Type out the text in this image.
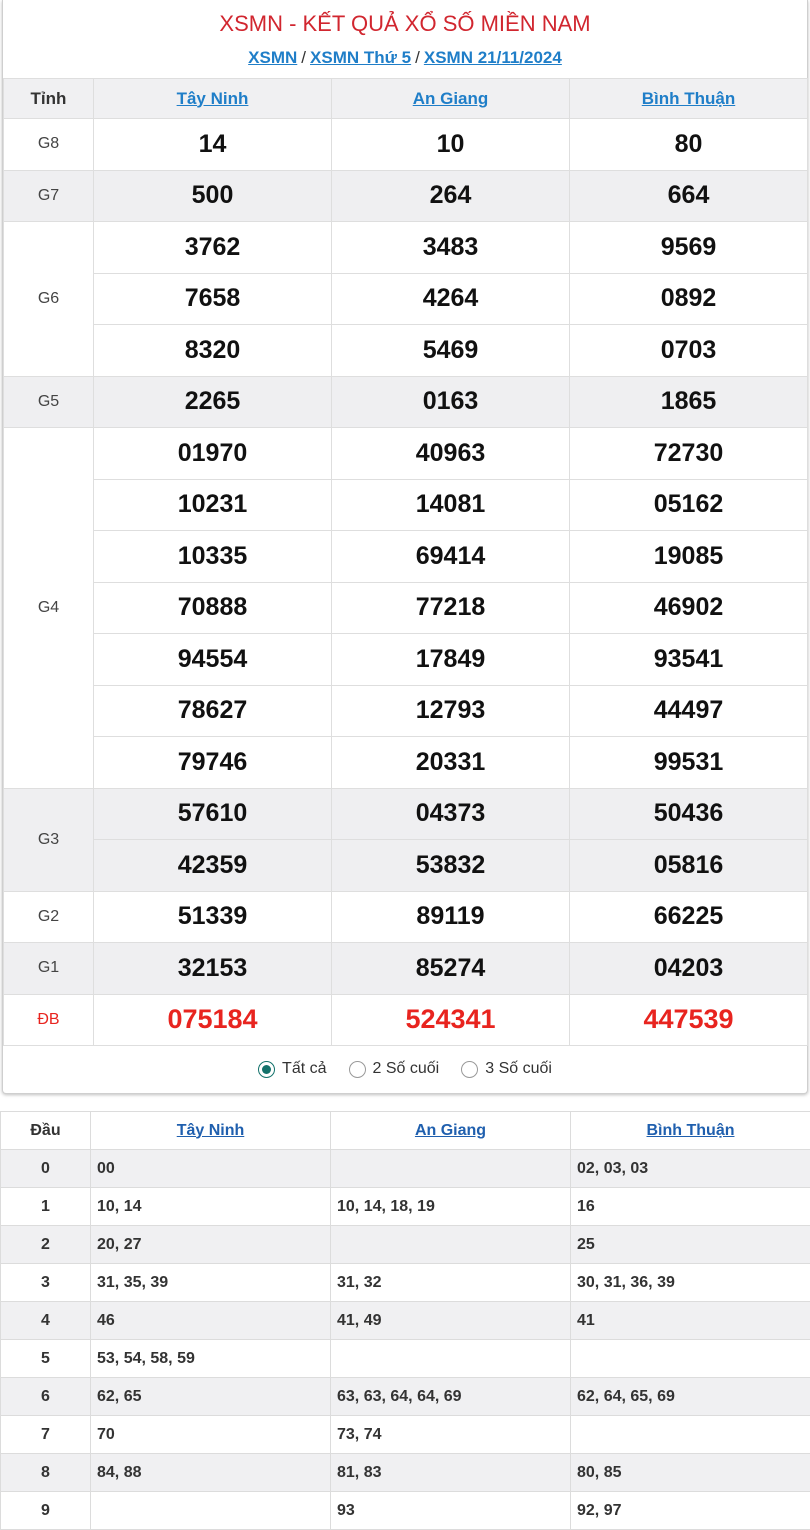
XSMN - KẾT QUẢ XỔ SỐ MIỀN NAM
XSMN / XSMN Thứ 5 / XSMN 21/11/2024
Tỉnh	Tây Ninh	An Giang	Bình Thuận
G8	14	10	80
G7	500	264	664
G6	3762	3483	9569
	7658	4264	0892
	8320	5469	0703
G5	2265	0163	1865
G4	01970	40963	72730
	10231	14081	05162
	10335	69414	19085
	70888	77218	46902
	94554	17849	93541
	78627	12793	44497
	79746	20331	99531
G3	57610	04373	50436
	42359	53832	05816
G2	51339	89119	66225
G1	32153	85274	04203
ĐB	075184	524341	447539
Tất cả	2 Số cuối	3 Số cuối
Đầu	Tây Ninh	An Giang	Bình Thuận
0	00		02, 03, 03
1	10, 14	10, 14, 18, 19	16
2	20, 27		25
3	31, 35, 39	31, 32	30, 31, 36, 39
4	46	41, 49	41
5	53, 54, 58, 59		
6	62, 65	63, 63, 64, 64, 69	62, 64, 65, 69
7	70	73, 74	
8	84, 88	81, 83	80, 85
9		93	92, 97
